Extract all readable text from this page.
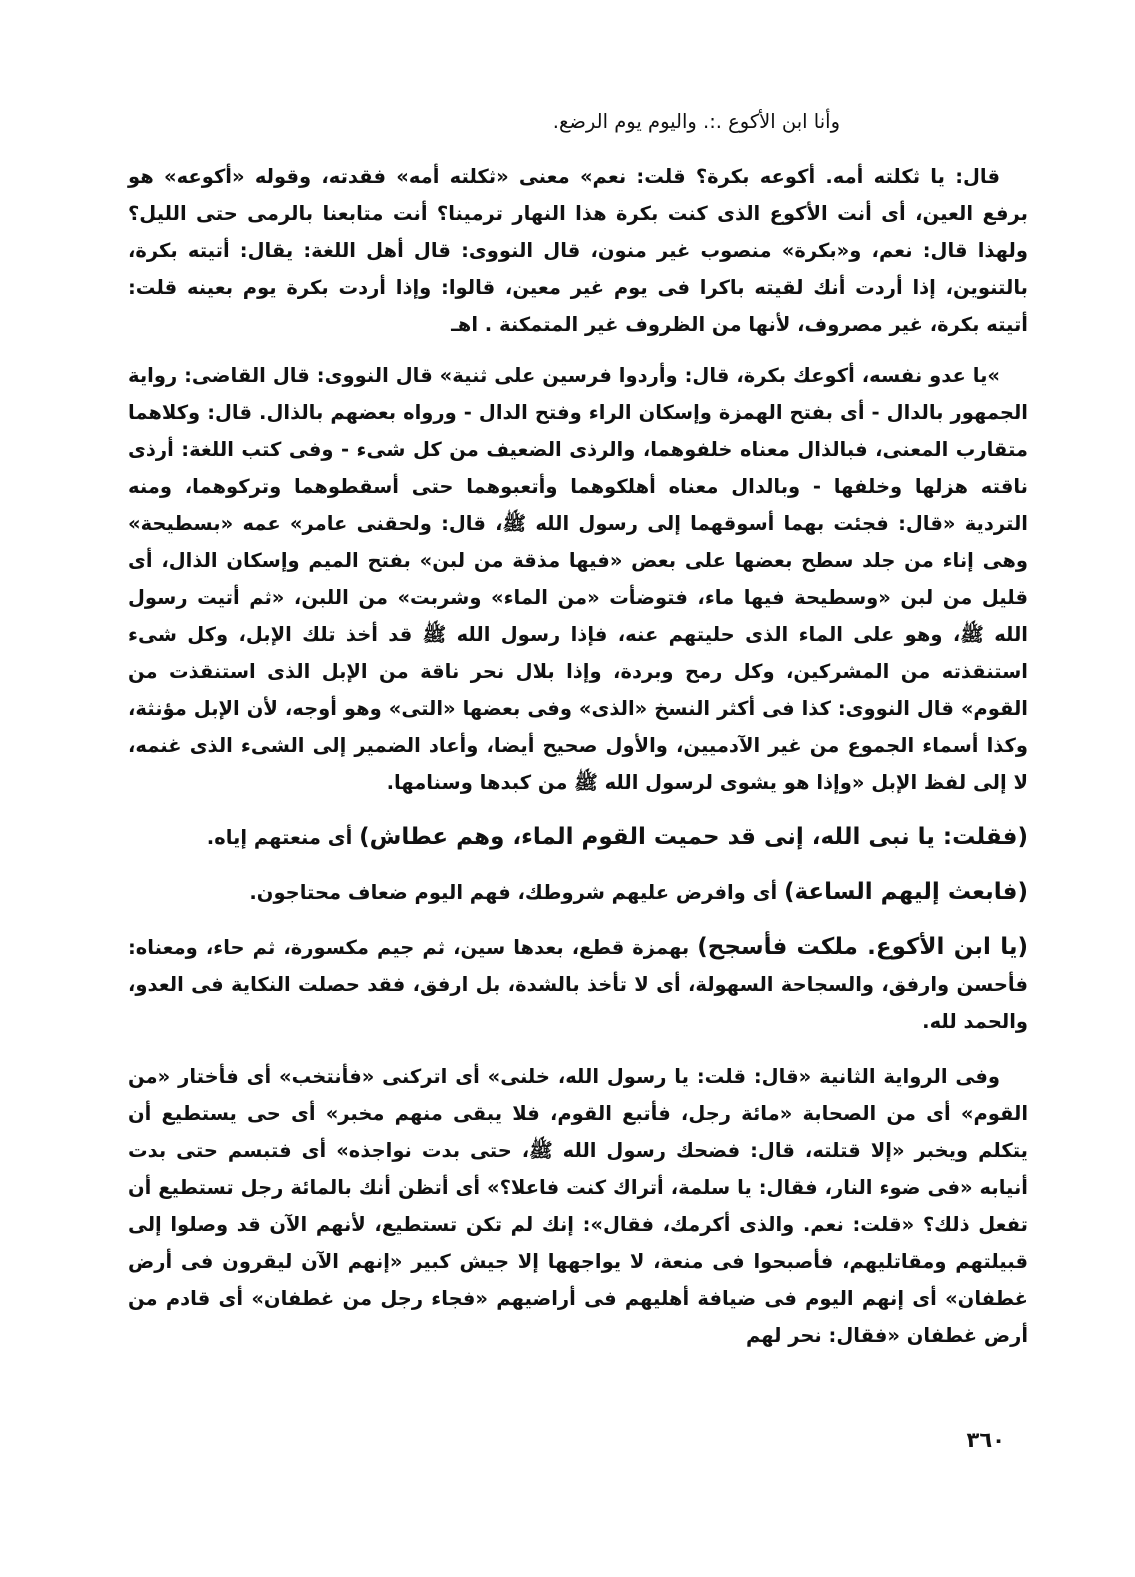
وأنا ابن الأكوع .:. واليوم يوم الرضع.

قال: يا ثكلته أمه. أكوعه بكرة؟ قلت: نعم» معنى «ثكلته أمه» فقدته، وقوله «أكوعه» هو برفع العين، أى أنت الأكوع الذى كنت بكرة هذا النهار ترمينا؟ أنت متابعنا بالرمى حتى الليل؟ ولهذا قال: نعم، و«بكرة» منصوب غير منون، قال النووى: قال أهل اللغة: يقال: أتيته بكرة، بالتنوين، إذا أردت أنك لقيته باكرا فى يوم غير معين، قالوا: وإذا أردت بكرة يوم بعينه قلت: أتيته بكرة، غير مصروف، لأنها من الظروف غير المتمكنة . اهـ

»يا عدو نفسه، أكوعك بكرة، قال: وأردوا فرسين على ثنية» قال النووى: قال القاضى: رواية الجمهور بالدال - أى بفتح الهمزة وإسكان الراء وفتح الدال - ورواه بعضهم بالذال. قال: وكلاهما متقارب المعنى، فبالذال معناه خلفوهما، والرذى الضعيف من كل شىء - وفى كتب اللغة: أرذى ناقته هزلها وخلفها - وبالدال معناه أهلكوهما وأتعبوهما حتى أسقطوهما وتركوهما، ومنه التردية «قال: فجئت بهما أسوقهما إلى رسول الله ﷺ، قال: ولحقنى عامر» عمه «بسطيحة» وهى إناء من جلد سطح بعضها على بعض «فيها مذقة من لبن» بفتح الميم وإسكان الذال، أى قليل من لبن «وسطيحة فيها ماء، فتوضأت «من الماء» وشربت» من اللبن، «ثم أتيت رسول الله ﷺ، وهو على الماء الذى حليتهم عنه، فإذا رسول الله ﷺ قد أخذ تلك الإبل، وكل شىء استنقذته من المشركين، وكل رمح وبردة، وإذا بلال نحر ناقة من الإبل الذى استنقذت من القوم» قال النووى: كذا فى أكثر النسخ «الذى» وفى بعضها «التى» وهو أوجه، لأن الإبل مؤنثة، وكذا أسماء الجموع من غير الآدميين، والأول صحيح أيضا، وأعاد الضمير إلى الشىء الذى غنمه، لا إلى لفظ الإبل «وإذا هو يشوى لرسول الله ﷺ من كبدها وسنامها.

(فقلت: يا نبى الله، إنى قد حميت القوم الماء، وهم عطاش) أى منعتهم إياه.

(فابعث إليهم الساعة) أى وافرض عليهم شروطك، فهم اليوم ضعاف محتاجون.

(يا ابن الأكوع. ملكت فأسجح) بهمزة قطع، بعدها سين، ثم جيم مكسورة، ثم حاء، ومعناه: فأحسن وارفق، والسجاحة السهولة، أى لا تأخذ بالشدة، بل ارفق، فقد حصلت النكاية فى العدو، والحمد لله.

وفى الرواية الثانية «قال: قلت: يا رسول الله، خلنى» أى اتركنى «فأنتخب» أى فأختار «من القوم» أى من الصحابة «مائة رجل، فأتبع القوم، فلا يبقى منهم مخبر» أى حى يستطيع أن يتكلم ويخبر «إلا قتلته، قال: فضحك رسول الله ﷺ، حتى بدت نواجذه» أى فتبسم حتى بدت أنيابه «فى ضوء النار، فقال: يا سلمة، أتراك كنت فاعلا؟» أى أتظن أنك بالمائة رجل تستطيع أن تفعل ذلك؟ «قلت: نعم. والذى أكرمك، فقال»: إنك لم تكن تستطيع، لأنهم الآن قد وصلوا إلى قبيلتهم ومقاتليهم، فأصبحوا فى منعة، لا يواجهها إلا جيش كبير «إنهم الآن ليقرون فى أرض غطفان» أى إنهم اليوم فى ضيافة أهليهم فى أراضيهم «فجاء رجل من غطفان» أى قادم من أرض غطفان «فقال: نحر لهم

٣٦٠
